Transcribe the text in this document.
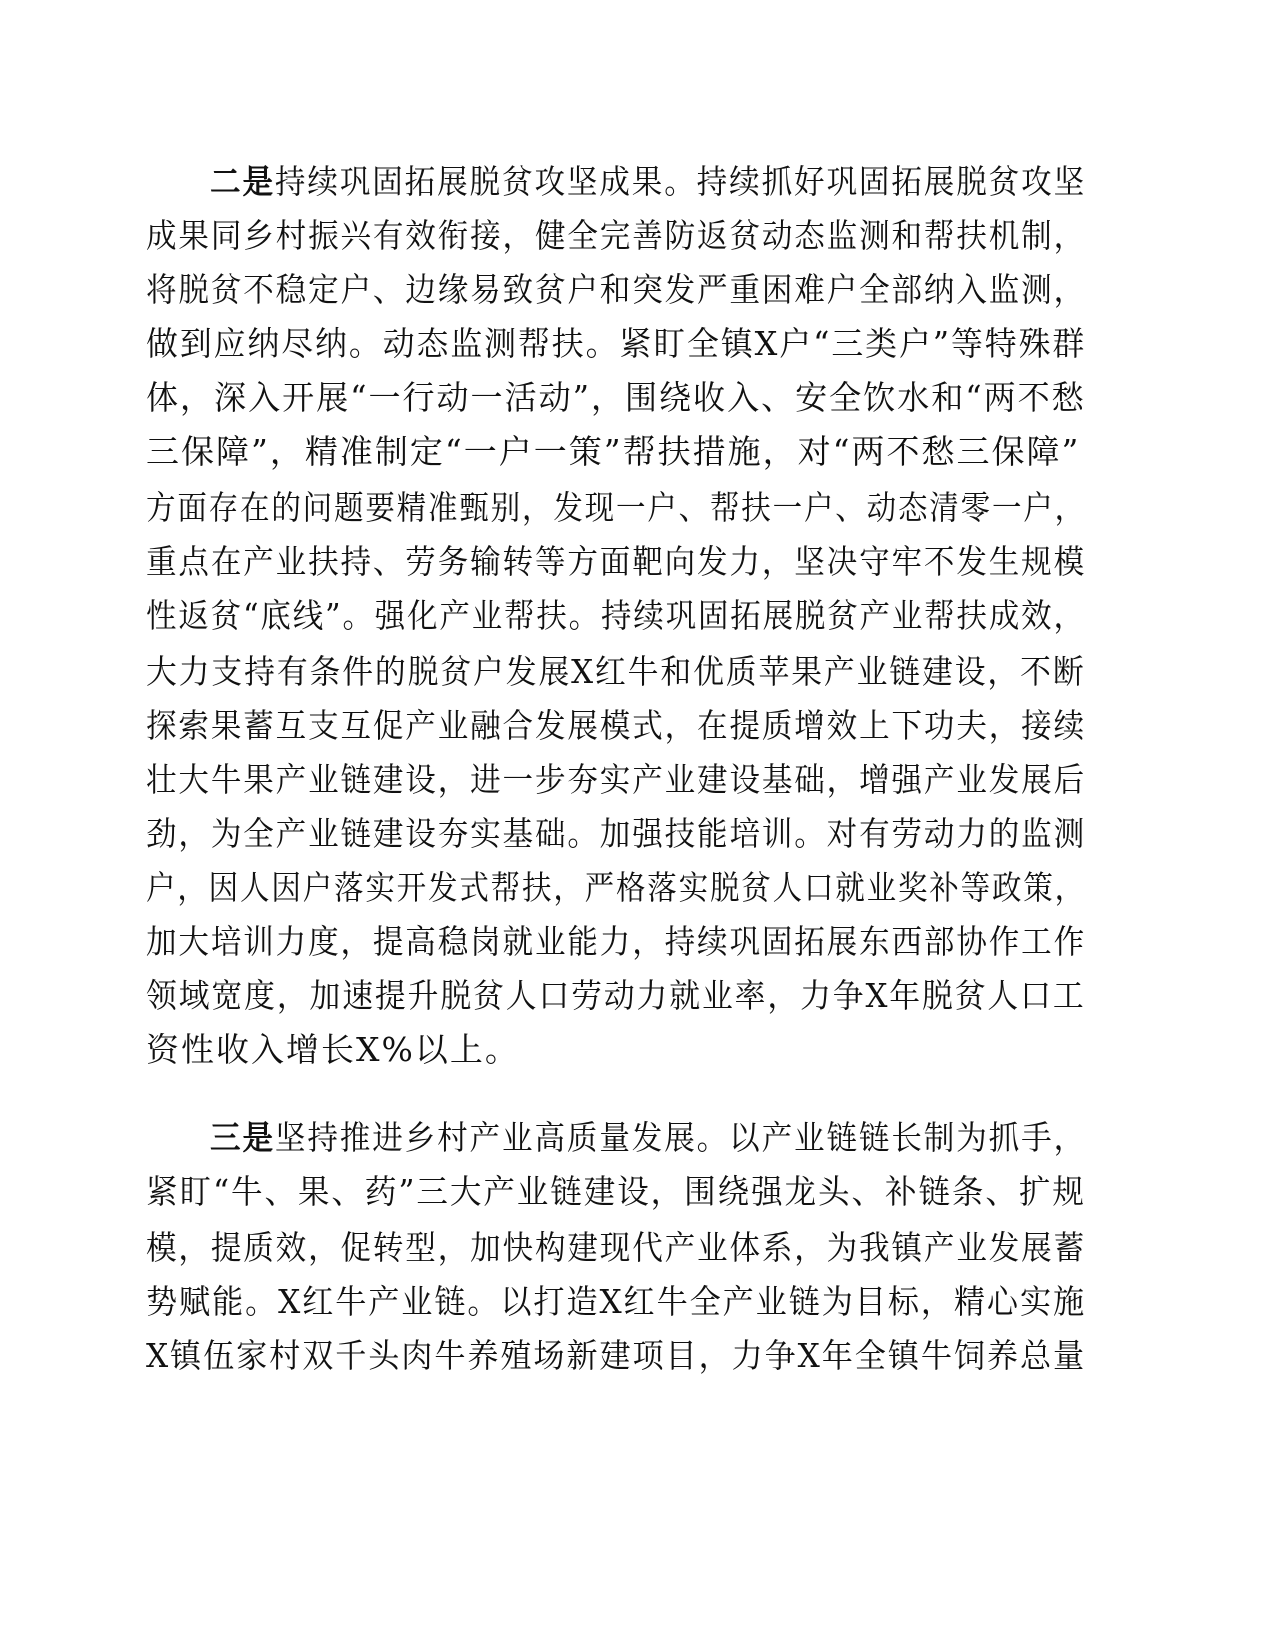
二是持续巩固拓展脱贫攻坚成果。持续抓好巩固拓展脱贫攻坚
成果同乡村振兴有效衔接，健全完善防返贫动态监测和帮扶机制，
将脱贫不稳定户、边缘易致贫户和突发严重困难户全部纳入监测，
做到应纳尽纳。动态监测帮扶。紧盯全镇X户“三类户”等特殊群
体，深入开展“一行动一活动”，围绕收入、安全饮水和“两不愁
三保障”，精准制定“一户一策”帮扶措施，对“两不愁三保障”
方面存在的问题要精准甄别，发现一户、帮扶一户、动态清零一户，
重点在产业扶持、劳务输转等方面靶向发力，坚决守牢不发生规模
性返贫“底线”。强化产业帮扶。持续巩固拓展脱贫产业帮扶成效，
大力支持有条件的脱贫户发展X红牛和优质苹果产业链建设，不断
探索果蓄互支互促产业融合发展模式，在提质增效上下功夫，接续
壮大牛果产业链建设，进一步夯实产业建设基础，增强产业发展后
劲，为全产业链建设夯实基础。加强技能培训。对有劳动力的监测
户，因人因户落实开发式帮扶，严格落实脱贫人口就业奖补等政策，
加大培训力度，提高稳岗就业能力，持续巩固拓展东西部协作工作
领域宽度，加速提升脱贫人口劳动力就业率，力争X年脱贫人口工
资性收入增长X%以上。
三是坚持推进乡村产业高质量发展。以产业链链长制为抓手，
紧盯“牛、果、药”三大产业链建设，围绕强龙头、补链条、扩规
模，提质效，促转型，加快构建现代产业体系，为我镇产业发展蓄
势赋能。X红牛产业链。以打造X红牛全产业链为目标，精心实施
X镇伍家村双千头肉牛养殖场新建项目，力争X年全镇牛饲养总量
